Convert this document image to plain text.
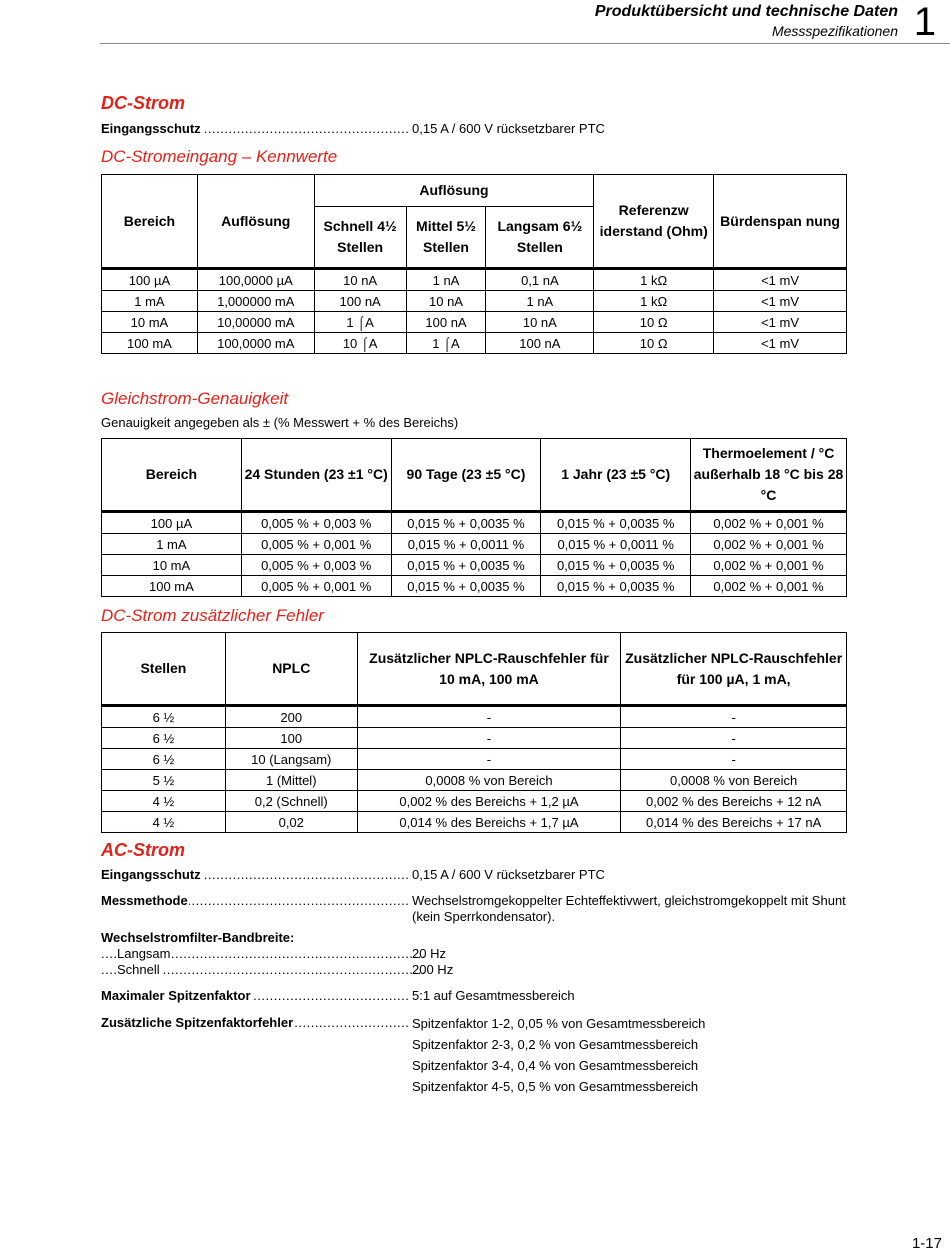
Produktübersicht und technische Daten
Messspezifikationen 1
DC-Strom
Eingangsschutz .....	0,15 A / 600 V rücksetzbarer PTC
DC-Stromeingang – Kennwerte
Bereich	Auflösung	Auflösung			Referenzw iderstand (Ohm)	Bürdenspan nung
		Schnell 4½ Stellen	Mittel 5½ Stellen	Langsam 6½ Stellen		
100 µA	100,0000 µA	10 nA	1 nA	0,1 nA	1 kΩ	<1 mV
1 mA	1,000000 mA	100 nA	10 nA	1 nA	1 kΩ	<1 mV
10 mA	10,00000 mA	1 ⌠A	100 nA	10 nA	10 Ω	<1 mV
100 mA	100,0000 mA	10 ⌠A	1 ⌠A	100 nA	10 Ω	<1 mV
Gleichstrom-Genauigkeit
Genauigkeit angegeben als ± (% Messwert + % des Bereichs)
Bereich	24 Stunden (23 ±1 °C)	90 Tage (23 ±5 °C)	1 Jahr (23 ±5 °C)	Thermoelement / °C außerhalb 18 °C bis 28 °C
100 µA	0,005 % + 0,003 %	0,015 % + 0,0035 %	0,015 % + 0,0035 %	0,002 % + 0,001 %
1 mA	0,005 % + 0,001 %	0,015 % + 0,0011 %	0,015 % + 0,0011 %	0,002 % + 0,001 %
10 mA	0,005 % + 0,003 %	0,015 % + 0,0035 %	0,015 % + 0,0035 %	0,002 % + 0,001 %
100 mA	0,005 % + 0,001 %	0,015 % + 0,0035 %	0,015 % + 0,0035 %	0,002 % + 0,001 %
DC-Strom zusätzlicher Fehler
Stellen	NPLC	Zusätzlicher NPLC-Rauschfehler für 10 mA, 100 mA	Zusätzlicher NPLC-Rauschfehler für 100 µA, 1 mA,
6 ½	200	-	-
6 ½	100	-	-
6 ½	10 (Langsam)	-	-
5 ½	1 (Mittel)	0,0008 % von Bereich	0,0008 % von Bereich
4 ½	0,2 (Schnell)	0,002 % des Bereichs + 1,2 µA	0,002 % des Bereichs + 12 nA
4 ½	0,02	0,014 % des Bereichs + 1,7 µA	0,014 % des Bereichs + 17 nA
AC-Strom
Eingangsschutz .....	0,15 A / 600 V rücksetzbarer PTC
Messmethode .....	Wechselstromgekoppelter Echteffektivwert, gleichstromgekoppelt mit Shunt (kein Sperrkondensator).
Wechselstromfilter-Bandbreite:
Langsam .....	20 Hz
Schnell .....	200 Hz
Maximaler Spitzenfaktor .....	5:1 auf Gesamtmessbereich
Zusätzliche Spitzenfaktorfehler .....	Spitzenfaktor 1-2, 0,05 % von Gesamtmessbereich
Spitzenfaktor 2-3, 0,2 % von Gesamtmessbereich
Spitzenfaktor 3-4, 0,4 % von Gesamtmessbereich
Spitzenfaktor 4-5, 0,5 % von Gesamtmessbereich
1-17
